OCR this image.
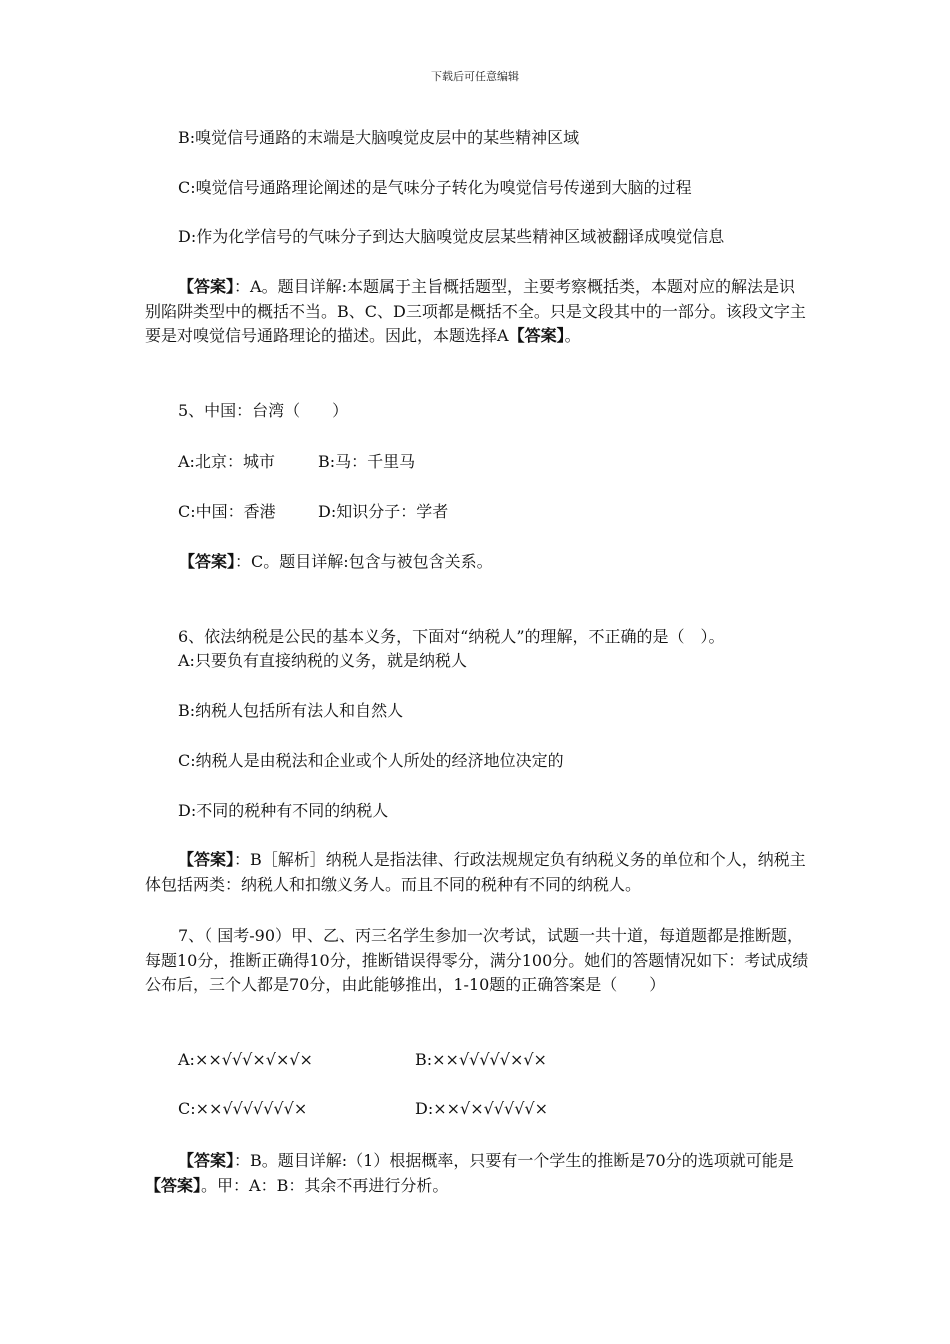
下载后可任意编辑
B:嗅觉信号通路的末端是大脑嗅觉皮层中的某些精神区域
C:嗅觉信号通路理论阐述的是气味分子转化为嗅觉信号传递到大脑的过程
D:作为化学信号的气味分子到达大脑嗅觉皮层某些精神区域被翻译成嗅觉信息
【答案】：A。题目详解:本题属于主旨概括题型，主要考察概括类，本题对应的解法是识别陷阱类型中的概括不当。B、C、D三项都是概括不全。只是文段其中的一部分。该段文字主要是对嗅觉信号通路理论的描述。因此，本题选择A【答案】。
5、中国：台湾（　　）
A:北京：城市	B:马：千里马
C:中国：香港	D:知识分子：学者
【答案】：C。题目详解:包含与被包含关系。
6、依法纳税是公民的基本义务，下面对“纳税人”的理解，不正确的是（　）。
A:只要负有直接纳税的义务，就是纳税人
B:纳税人包括所有法人和自然人
C:纳税人是由税法和企业或个人所处的经济地位决定的
D:不同的税种有不同的纳税人
【答案】：B［解析］纳税人是指法律、行政法规规定负有纳税义务的单位和个人，纳税主体包括两类：纳税人和扣缴义务人。而且不同的税种有不同的纳税人。
7、（ 国考-90）甲、乙、丙三名学生参加一次考试，试题一共十道，每道题都是推断题，每题10分，推断正确得10分，推断错误得零分，满分100分。她们的答题情况如下：考试成绩公布后，三个人都是70分，由此能够推出，1-10题的正确答案是（　　）
A:××√√√×√×√×	B:××√√√√√×√×
C:××√√√√√√√×	D:××√×√√√√√×
【答案】：B。题目详解:（1）根据概率，只要有一个学生的推断是70分的选项就可能是【答案】。甲：A：B：其余不再进行分析。
